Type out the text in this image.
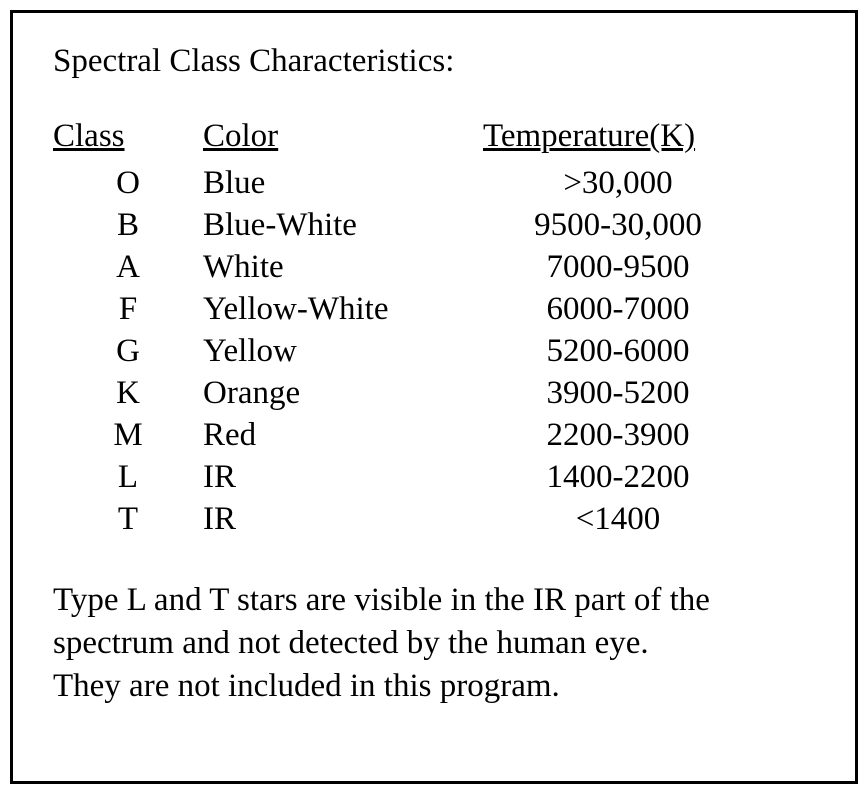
Spectral Class Characteristics:
Class	Color	Temperature(K)
O	Blue	>30,000
B	Blue-White	9500-30,000
A	White	7000-9500
F	Yellow-White	6000-7000
G	Yellow	5200-6000
K	Orange	3900-5200
M	Red	2200-3900
L	IR	1400-2200
T	IR	<1400

Type L and T stars are visible in the IR part of the

spectrum and not detected by the human eye.

They are not included in this program.
